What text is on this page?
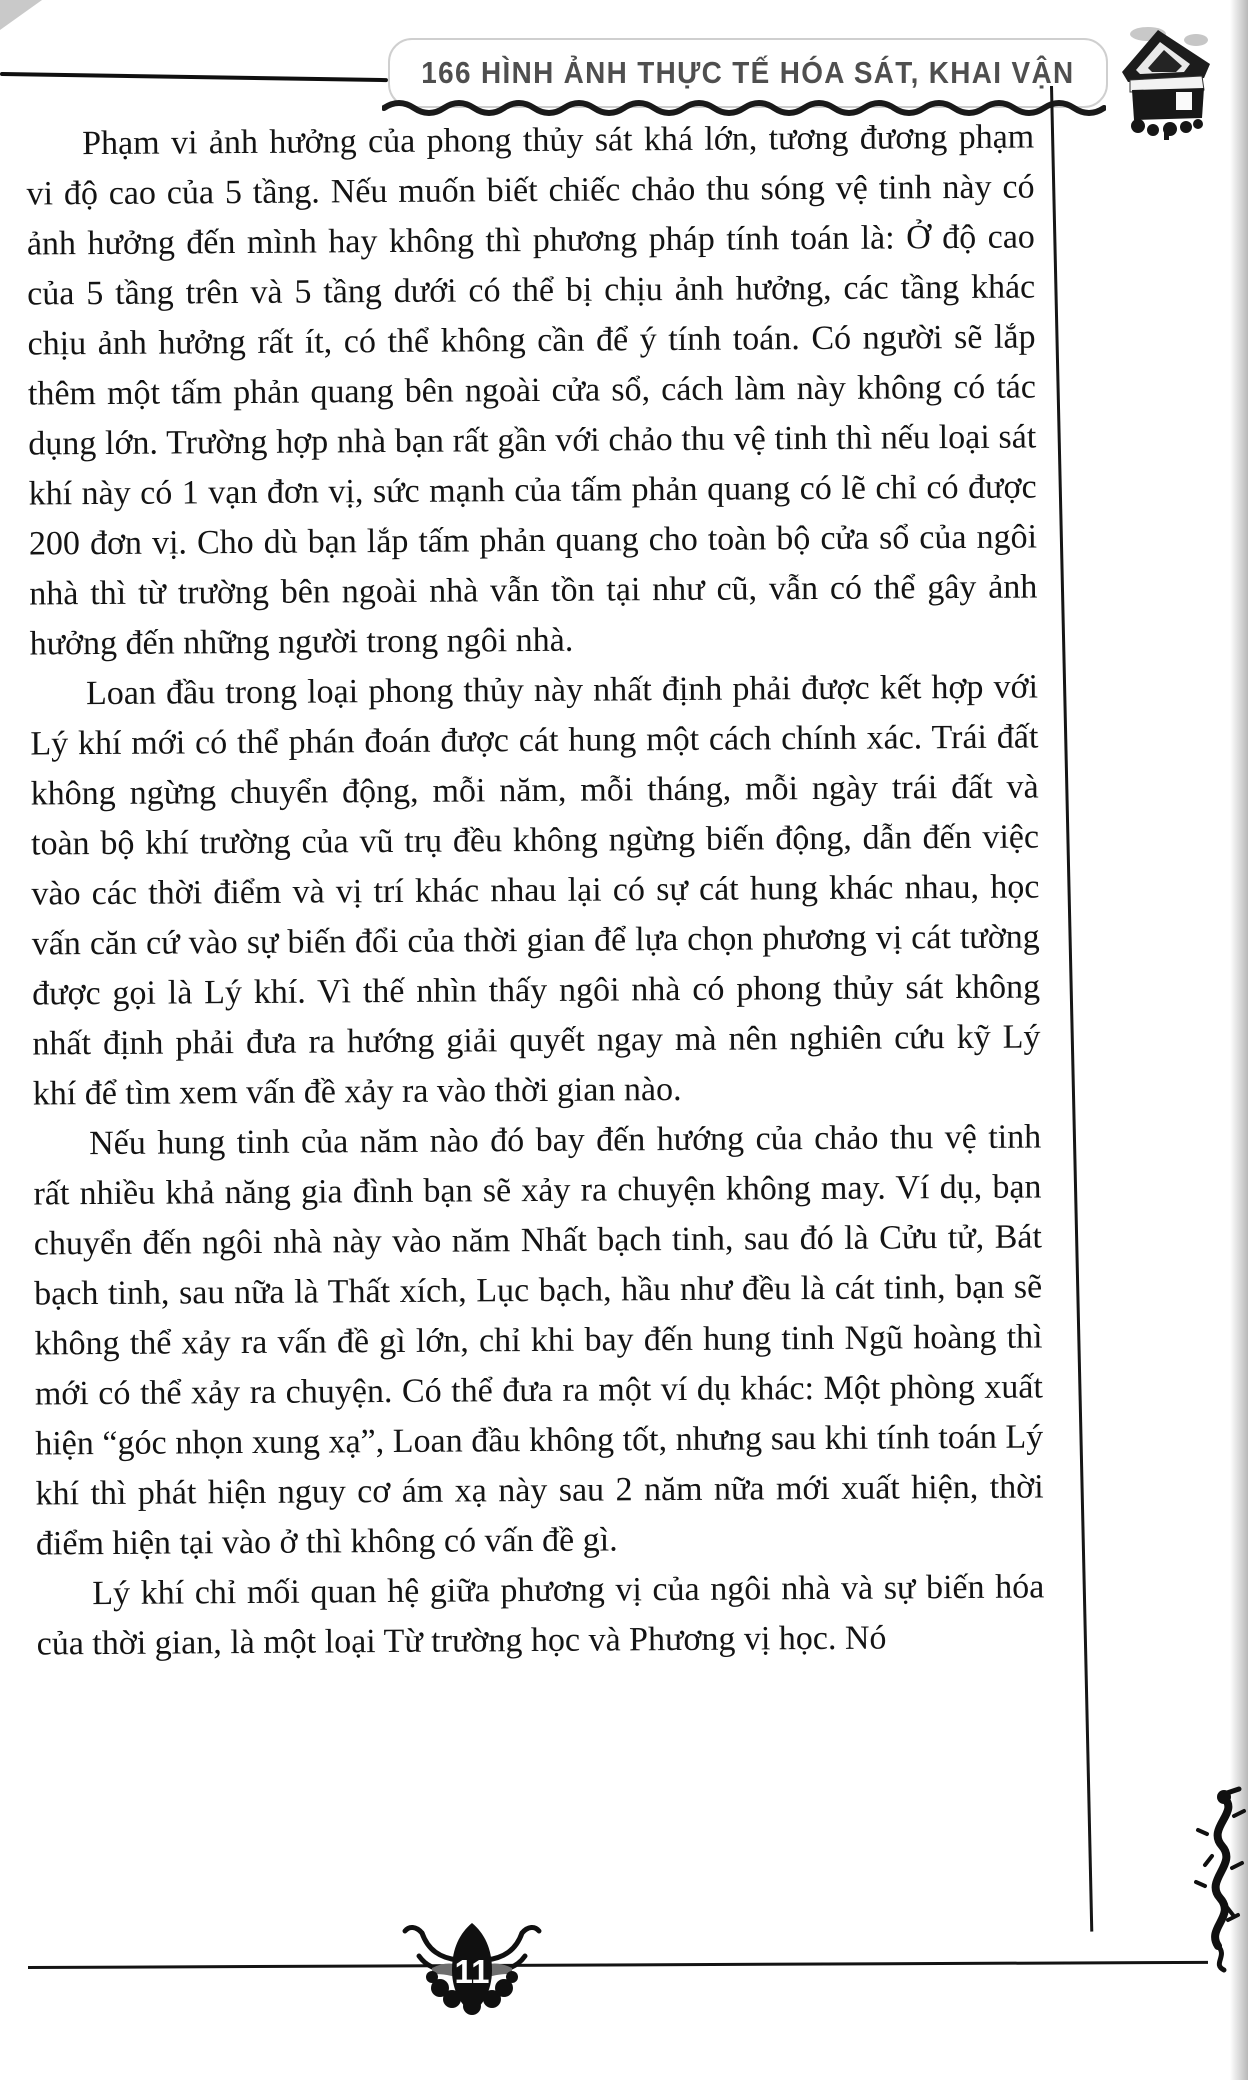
166 HÌNH ẢNH THỰC TẾ HÓA SÁT, KHAI VẬN

Phạm vi ảnh hưởng của phong thủy sát khá lớn, tương đương phạm vi độ cao của 5 tầng. Nếu muốn biết chiếc chảo thu sóng vệ tinh này có ảnh hưởng đến mình hay không thì phương pháp tính toán là: Ở độ cao của 5 tầng trên và 5 tầng dưới có thể bị chịu ảnh hưởng, các tầng khác chịu ảnh hưởng rất ít, có thể không cần để ý tính toán. Có người sẽ lắp thêm một tấm phản quang bên ngoài cửa sổ, cách làm này không có tác dụng lớn. Trường hợp nhà bạn rất gần với chảo thu vệ tinh thì nếu loại sát khí này có 1 vạn đơn vị, sức mạnh của tấm phản quang có lẽ chỉ có được 200 đơn vị. Cho dù bạn lắp tấm phản quang cho toàn bộ cửa sổ của ngôi nhà thì từ trường bên ngoài nhà vẫn tồn tại như cũ, vẫn có thể gây ảnh hưởng đến những người trong ngôi nhà.

Loan đầu trong loại phong thủy này nhất định phải được kết hợp với Lý khí mới có thể phán đoán được cát hung một cách chính xác. Trái đất không ngừng chuyển động, mỗi năm, mỗi tháng, mỗi ngày trái đất và toàn bộ khí trường của vũ trụ đều không ngừng biến động, dẫn đến việc vào các thời điểm và vị trí khác nhau lại có sự cát hung khác nhau, học vấn căn cứ vào sự biến đổi của thời gian để lựa chọn phương vị cát tường được gọi là Lý khí. Vì thế nhìn thấy ngôi nhà có phong thủy sát không nhất định phải đưa ra hướng giải quyết ngay mà nên nghiên cứu kỹ Lý khí để tìm xem vấn đề xảy ra vào thời gian nào.

Nếu hung tinh của năm nào đó bay đến hướng của chảo thu vệ tinh rất nhiều khả năng gia đình bạn sẽ xảy ra chuyện không may. Ví dụ, bạn chuyển đến ngôi nhà này vào năm Nhất bạch tinh, sau đó là Cửu tử, Bát bạch tinh, sau nữa là Thất xích, Lục bạch, hầu như đều là cát tinh, bạn sẽ không thể xảy ra vấn đề gì lớn, chỉ khi bay đến hung tinh Ngũ hoàng thì mới có thể xảy ra chuyện. Có thể đưa ra một ví dụ khác: Một phòng xuất hiện “góc nhọn xung xạ”, Loan đầu không tốt, nhưng sau khi tính toán Lý khí thì phát hiện nguy cơ ám xạ này sau 2 năm nữa mới xuất hiện, thời điểm hiện tại vào ở thì không có vấn đề gì.

Lý khí chỉ mối quan hệ giữa phương vị của ngôi nhà và sự biến hóa của thời gian, là một loại Từ trường học và Phương vị học. Nó

11
